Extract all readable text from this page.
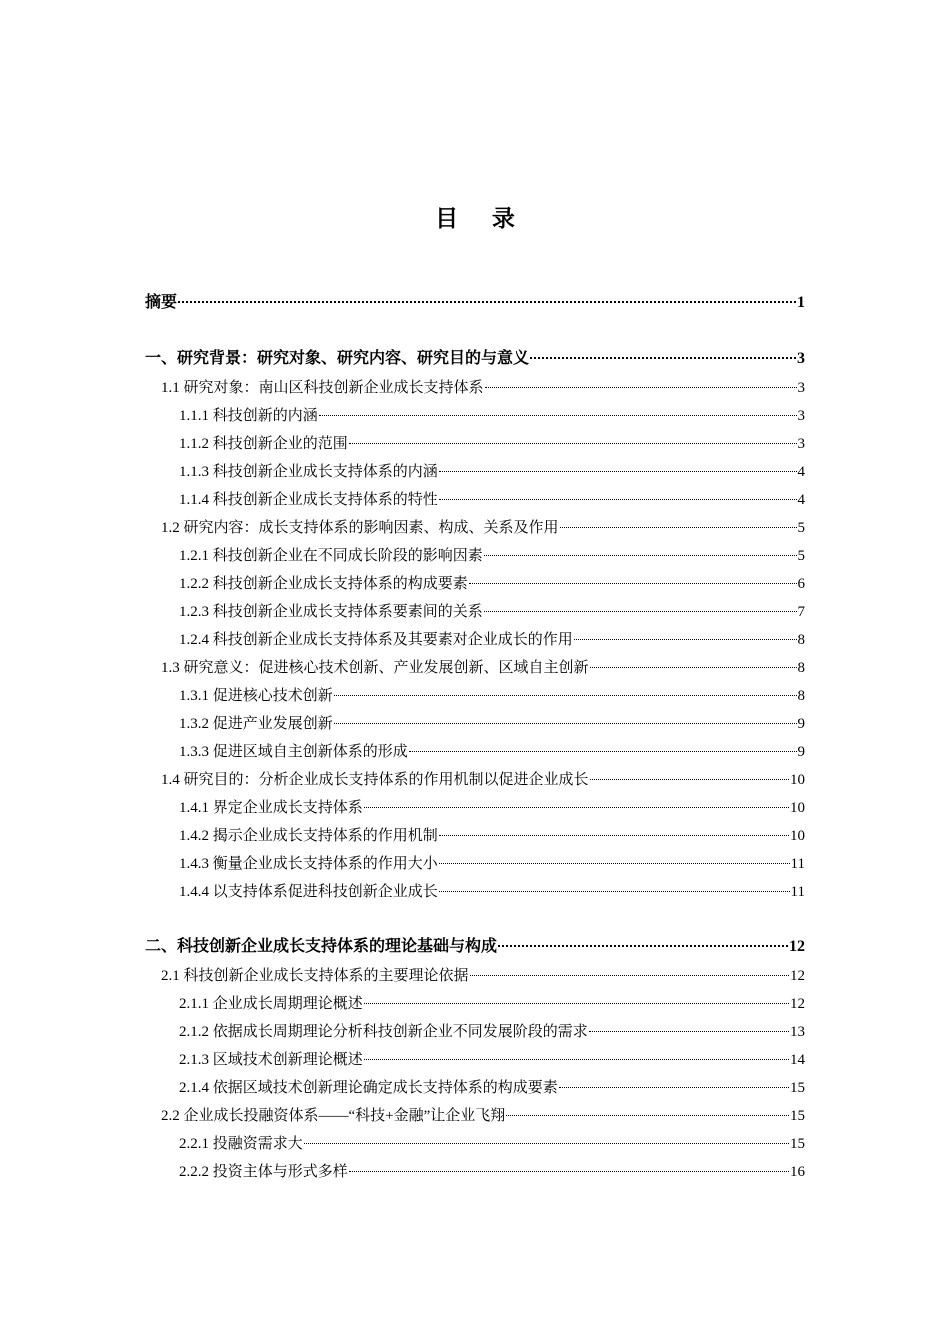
目 录
摘要	1
一、研究背景：研究对象、研究内容、研究目的与意义	3
1.1 研究对象：南山区科技创新企业成长支持体系	3
1.1.1 科技创新的内涵	3
1.1.2 科技创新企业的范围	3
1.1.3 科技创新企业成长支持体系的内涵	4
1.1.4 科技创新企业成长支持体系的特性	4
1.2 研究内容：成长支持体系的影响因素、构成、关系及作用	5
1.2.1 科技创新企业在不同成长阶段的影响因素	5
1.2.2 科技创新企业成长支持体系的构成要素	6
1.2.3 科技创新企业成长支持体系要素间的关系	7
1.2.4 科技创新企业成长支持体系及其要素对企业成长的作用	8
1.3 研究意义：促进核心技术创新、产业发展创新、区域自主创新	8
1.3.1 促进核心技术创新	8
1.3.2 促进产业发展创新	9
1.3.3 促进区域自主创新体系的形成	9
1.4 研究目的：分析企业成长支持体系的作用机制以促进企业成长	10
1.4.1 界定企业成长支持体系	10
1.4.2 揭示企业成长支持体系的作用机制	10
1.4.3 衡量企业成长支持体系的作用大小	11
1.4.4 以支持体系促进科技创新企业成长	11
二、科技创新企业成长支持体系的理论基础与构成	12
2.1 科技创新企业成长支持体系的主要理论依据	12
2.1.1 企业成长周期理论概述	12
2.1.2 依据成长周期理论分析科技创新企业不同发展阶段的需求	13
2.1.3 区域技术创新理论概述	14
2.1.4 依据区域技术创新理论确定成长支持体系的构成要素	15
2.2 企业成长投融资体系——“科技+金融”让企业飞翔	15
2.2.1 投融资需求大	15
2.2.2 投资主体与形式多样	16
